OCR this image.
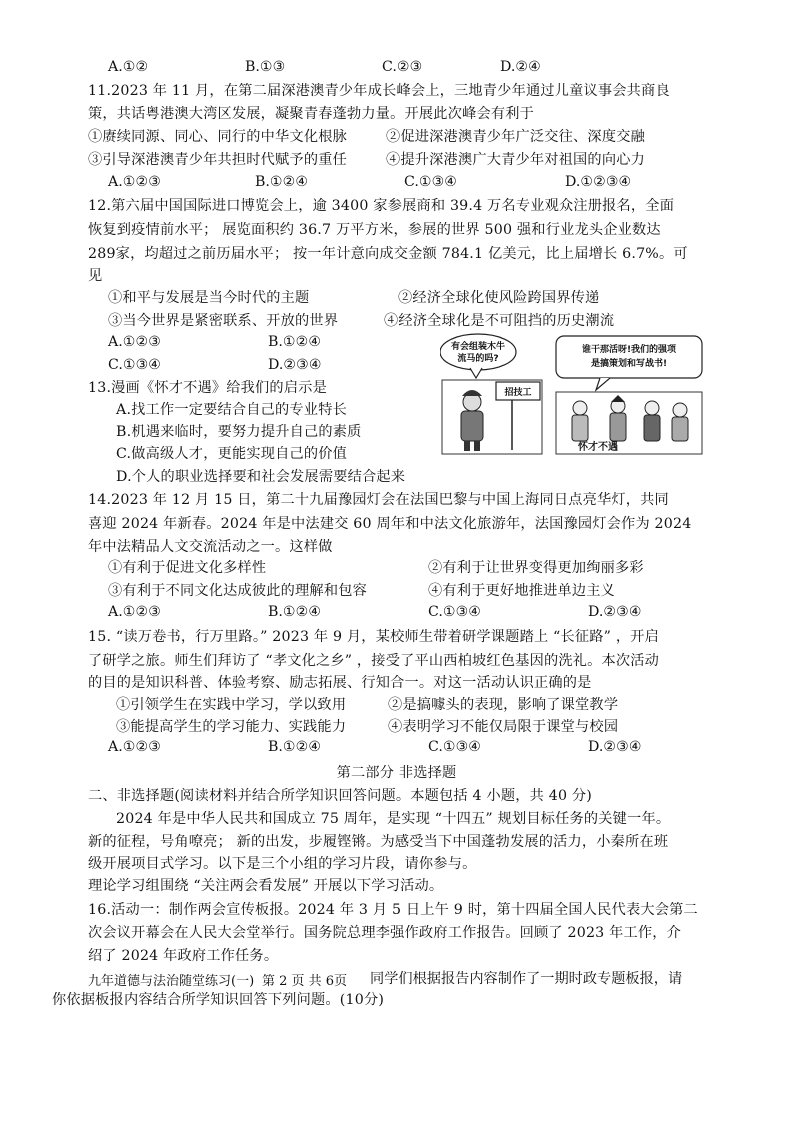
A.①②	B.①③	C.②③	D.②④
11.2023 年 11 月，在第二届深港澳青少年成长峰会上，三地青少年通过儿童议事会共商良
策，共话粤港澳大湾区发展，凝聚青春蓬勃力量。开展此次峰会有利于
①赓续同源、同心、同行的中华文化根脉	②促进深港澳青少年广泛交往、深度交融
③引导深港澳青少年共担时代赋予的重任	④提升深港澳广大青少年对祖国的向心力
A.①②③	B.①②④	C.①③④	D.①②③④
12.第六届中国国际进口博览会上，逾 3400 家参展商和 39.4 万名专业观众注册报名，全面
恢复到疫情前水平； 展览面积约 36.7 万平方米，参展的世界 500 强和行业龙头企业数达
289家，均超过之前历届水平； 按一年计意向成交金额 784.1 亿美元，比上届增长 6.7%。可
见
①和平与发展是当今时代的主题	②经济全球化使风险跨国界传递
③当今世界是紧密联系、开放的世界	④经济全球化是不可阻挡的历史潮流
A.①②③	B.①②④
C.①③④	D.②③④
13.漫画《怀才不遇》给我们的启示是
A.找工作一定要结合自己的专业特长
B.机遇来临时，要努力提升自己的素质
C.做高级人才，更能实现自己的价值
D.个人的职业选择要和社会发展需要结合起来
有会组装木牛
流马的吗?
谁干那活呀!我们的强项
是搞策划和写战书!
招技工
怀才不遇
14.2023 年 12 月 15 日，第二十九届豫园灯会在法国巴黎与中国上海同日点亮华灯，共同
喜迎 2024 年新春。2024 年是中法建交 60 周年和中法文化旅游年，法国豫园灯会作为 2024
年中法精品人文交流活动之一。这样做
①有利于促进文化多样性	②有利于让世界变得更加绚丽多彩
③有利于不同文化达成彼此的理解和包容	④有利于更好地推进单边主义
A.①②③	B.①②④	C.①③④	D.②③④
15. “读万卷书，行万里路。” 2023 年 9 月，某校师生带着研学课题踏上 “长征路” ，开启
了研学之旅。师生们拜访了 “孝文化之乡” ，接受了平山西柏坡红色基因的洗礼。本次活动
的目的是知识科普、体验考察、励志拓展、行知合一。对这一活动认识正确的是
①引领学生在实践中学习，学以致用	②是搞噱头的表现，影响了课堂教学
③能提高学生的学习能力、实践能力	④表明学习不能仅局限于课堂与校园
A.①②③	B.①②④	C.①③④	D.②③④
第二部分 非选择题
二、非选择题(阅读材料并结合所学知识回答问题。本题包括 4 小题，共 40 分)
2024 年是中华人民共和国成立 75 周年，是实现 “十四五” 规划目标任务的关键一年。
新的征程，号角嘹亮； 新的出发，步履铿锵。为感受当下中国蓬勃发展的活力，小秦所在班
级开展项目式学习。以下是三个小组的学习片段，请你参与。
理论学习组围绕 “关注两会看发展” 开展以下学习活动。
16.活动一：制作两会宣传板报。2024 年 3 月 5 日上午 9 时，第十四届全国人民代表大会第二
次会议开幕会在人民大会堂举行。国务院总理李强作政府工作报告。回顾了 2023 年工作，介
绍了 2024 年政府工作任务。
九年道德与法治随堂练习(一) 第 2 页 共 6页 同学们根据报告内容制作了一期时政专题板报，请
你依据板报内容结合所学知识回答下列问题。(10分)
